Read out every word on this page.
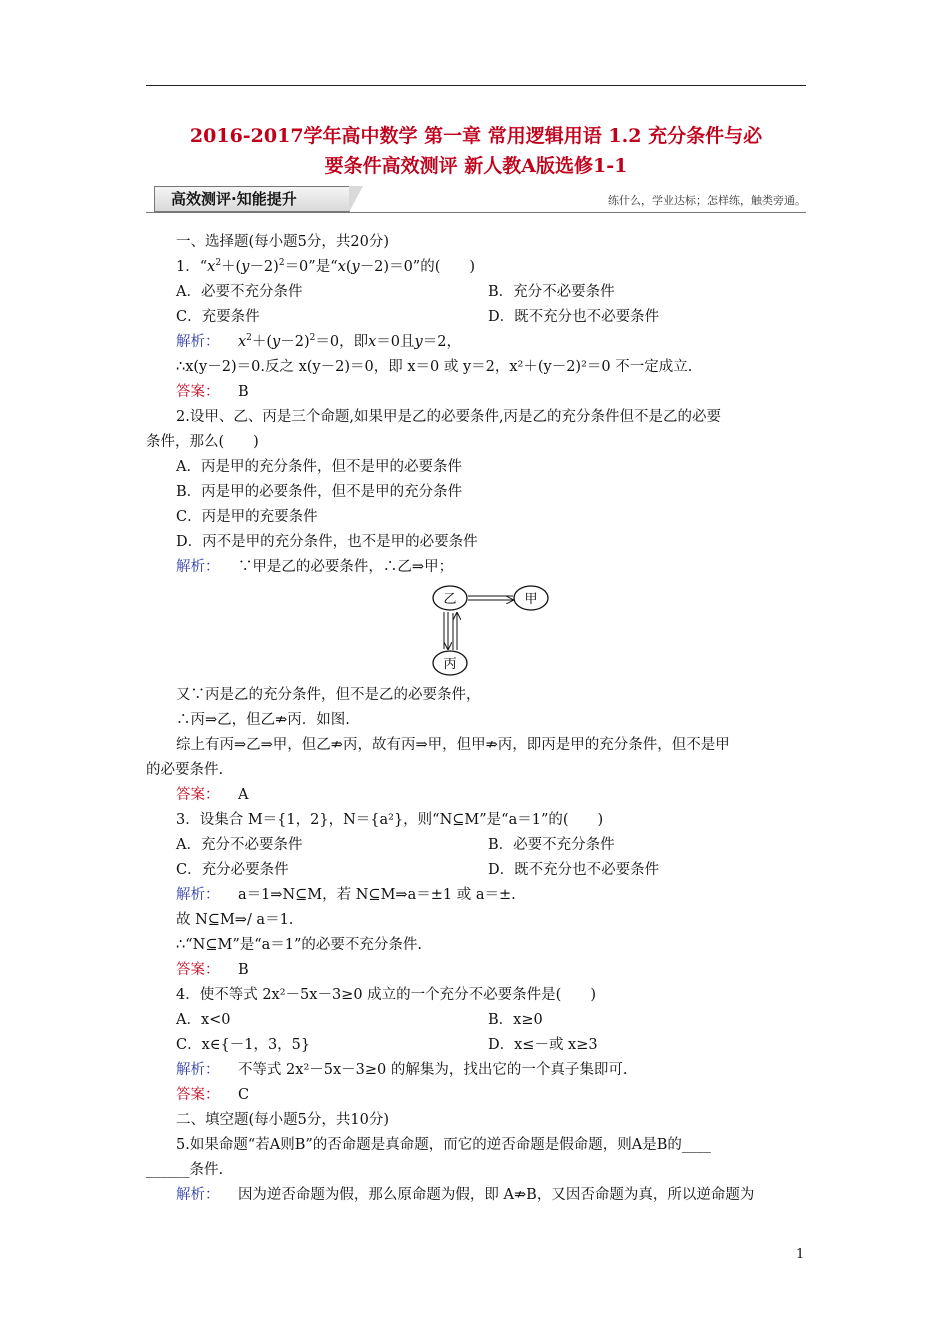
2016-2017学年高中数学 第一章 常用逻辑用语 1.2 充分条件与必
要条件高效测评 新人教A版选修1-1
高效测评·知能提升	练什么，学业达标；怎样练，触类旁通。
一、选择题(每小题5分，共20分)
1．“$x^2+(y-2)^2=0$”是“x(y－2)＝0”的(　　)
A．必要不充分条件	B．充分不必要条件
C．充要条件	D．既不充分也不必要条件
解析： $x^2+(y-2)^2=0$，即x＝0且y＝2，
∴x(y－2)＝0.反之 x(y－2)＝0，即 x＝0 或 y＝2，x²＋(y－2)²＝0 不一定成立.
答案： B
2.设甲、乙、丙是三个命题,如果甲是乙的必要条件,丙是乙的充分条件但不是乙的必要
条件，那么(　　)
A．丙是甲的充分条件，但不是甲的必要条件
B．丙是甲的必要条件，但不是甲的充分条件
C．丙是甲的充要条件
D．丙不是甲的充分条件，也不是甲的必要条件
解析： ∵甲是乙的必要条件，∴乙⇒甲；
乙	甲
丙
又∵丙是乙的充分条件，但不是乙的必要条件，
∴丙⇒乙，但乙⇏丙．如图.
综上有丙⇒乙⇒甲，但乙⇏丙，故有丙⇒甲，但甲⇏丙，即丙是甲的充分条件，但不是甲
的必要条件.
答案： A
3．设集合 M＝{1，2}，N＝{a²}，则“N⊆M”是“a＝1”的(　　)
A．充分不必要条件	B．必要不充分条件
C．充分必要条件	D．既不充分也不必要条件
解析： a＝1⇒N⊆M，若 N⊆M⇒a＝±1 或 a＝±.
故 N⊆M⇒/ a＝1.
∴“N⊆M”是“a＝1”的必要不充分条件.
答案： B
4．使不等式 2x²－5x－3≥0 成立的一个充分不必要条件是(　　)
A．x<0	B．x≥0
C．x∈{－1，3，5}	D．x≤－或 x≥3
解析： 不等式 2x²－5x－3≥0 的解集为，找出它的一个真子集即可.
答案： C
二、填空题(每小题5分，共10分)
5.如果命题“若A则B”的否命题是真命题，而它的逆否命题是假命题，则A是B的____
______条件.
解析： 因为逆否命题为假，那么原命题为假，即 A⇏B，又因否命题为真，所以逆命题为
1
